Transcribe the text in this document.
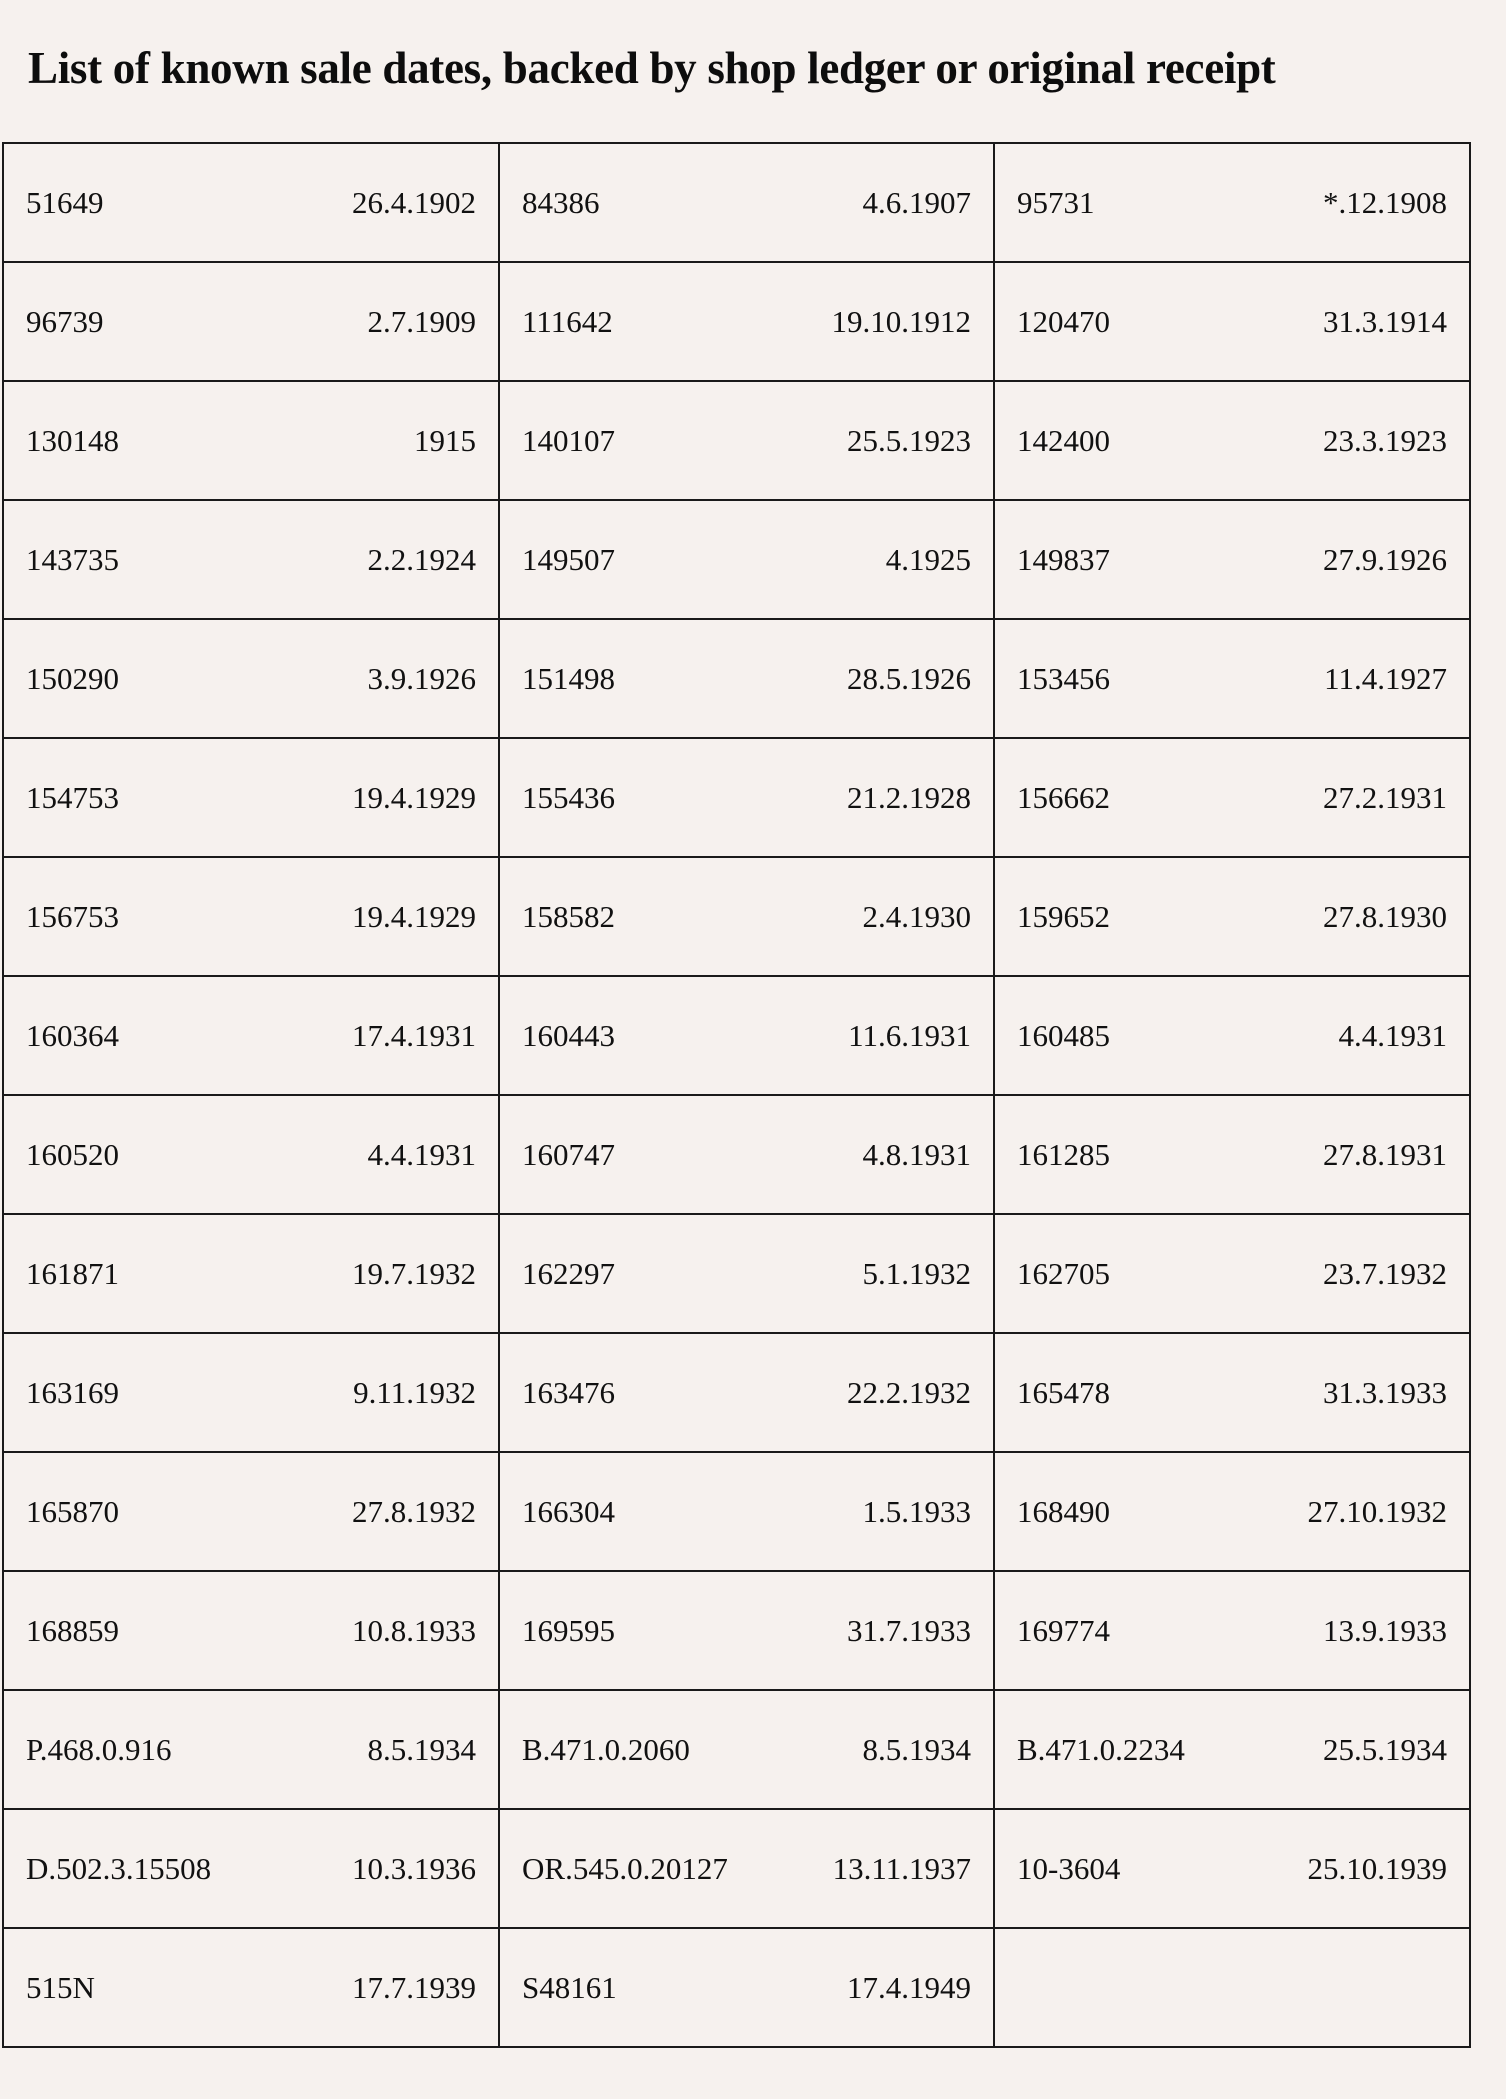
List of known sale dates, backed by shop ledger or original receipt
51649 26.4.1902	84386 4.6.1907	95731 *.12.1908

96739 2.7.1909	111642 19.10.1912	120470 31.3.1914

130148 1915	140107 25.5.1923	142400 23.3.1923

143735 2.2.1924	149507 4.1925	149837 27.9.1926

150290 3.9.1926	151498 28.5.1926	153456 11.4.1927

154753 19.4.1929	155436 21.2.1928	156662 27.2.1931

156753 19.4.1929	158582 2.4.1930	159652 27.8.1930

160364 17.4.1931	160443 11.6.1931	160485 4.4.1931

160520 4.4.1931	160747 4.8.1931	161285 27.8.1931

161871 19.7.1932	162297 5.1.1932	162705 23.7.1932

163169 9.11.1932	163476 22.2.1932	165478 31.3.1933

165870 27.8.1932	166304 1.5.1933	168490 27.10.1932

168859 10.8.1933	169595 31.7.1933	169774 13.9.1933

P.468.0.916 8.5.1934	B.471.0.2060 8.5.1934	B.471.0.2234 25.5.1934

D.502.3.15508 10.3.1936	OR.545.0.20127 13.11.1937	10-3604 25.10.1939

515N 17.7.1939	S48161 17.4.1949	
